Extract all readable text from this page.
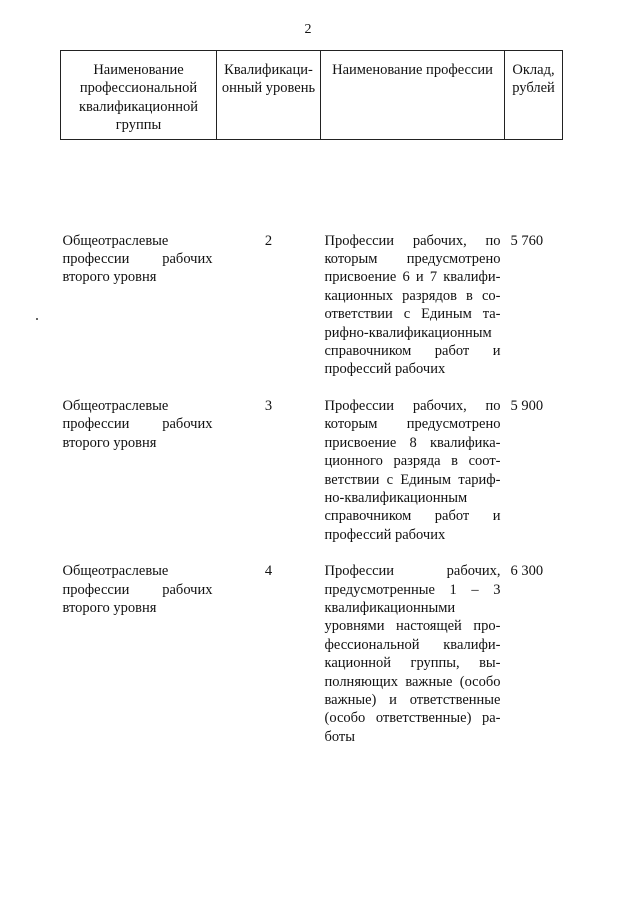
2
Наименование профессиональной квалификационной группы	Квалификаци-онный уровень	Наименование профессии	Оклад, рублей

Общеотраслевые профессии рабочих второго уровня	2	Профессии рабочих, по которым предусмотрено присвоение 6 и 7 квалифи-кационных разрядов в со-ответствии с Единым та-рифно-квалификационным справочником работ и профессий рабочих	5 760
Общеотраслевые профессии рабочих второго уровня	3	Профессии рабочих, по которым предусмотрено присвоение 8 квалифика-ционного разряда в соот-ветствии с Единым тариф-но-квалификационным справочником работ и профессий рабочих	5 900
Общеотраслевые профессии рабочих второго уровня	4	Профессии рабочих, предусмотренные 1 – 3 квалификационными уровнями настоящей про-фессиональной квалифи-кационной группы, вы-полняющих важные (особо важные) и ответственные (особо ответственные) ра-боты	6 300
